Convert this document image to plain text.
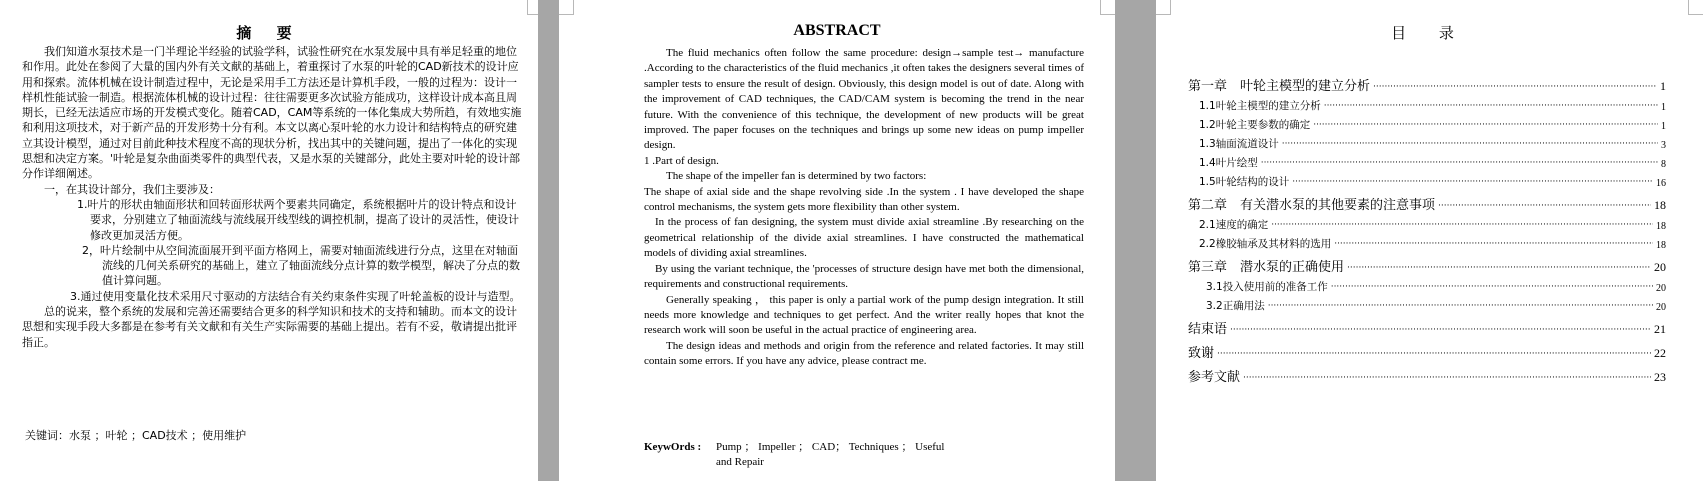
摘 要

我们知道水泵技术是一门半理论半经验的试验学科，试验性研究在水泵发展中具有举足轻重的地位和作用。此处在参阅了大量的国内外有关文献的基础上，着重探讨了水泵的叶轮的CAD新技术的设计应用和探索。流体机械在设计制造过程中，无论是采用手工方法还是计算机手段，一般的过程为：设计一样机性能试验一制造。根据流体机械的设计过程：往往需要更多次试验方能成功，这样设计成本高且周期长，已经无法适应市场的开发模式变化。随着CAD，CAM等系统的一体化集成大势所趋，有效地实施和利用这项技术，对于新产品的开发形势十分有利。本文以离心泵叶轮的水力设计和结构特点的研究建立其设计模型，通过对目前此种技术程度不高的现状分析，找出其中的关键问题，提出了一体化的实现思想和决定方案。'叶轮是复杂曲面类零件的典型代表，又是水泵的关键部分，此处主要对叶轮的设计部分作详细阐述。

一，在其设计部分，我们主要涉及：

1.叶片的形状由轴面形状和回转面形状两个要素共同确定，系统根据叶片的设计特点和设计要求，分别建立了轴面流线与流线展开线型线的调控机制，提高了设计的灵活性，使设计修改更加灵活方便。

2，叶片绘制中从空间流面展开到平面方格网上，需要对轴面流线进行分点，这里在对轴面流线的几何关系研究的基础上，建立了轴面流线分点计算的数学模型，解决了分点的数值计算问题。

3.通过使用变量化技术采用尺寸驱动的方法结合有关约束条件实现了叶轮盖板的设计与造型。

总的说来，整个系统的发展和完善还需要结合更多的科学知识和技术的支持和辅助。而本文的设计思想和实现手段大多都是在参考有关文献和有关生产实际需要的基础上提出。若有不妥，敬请提出批评指正。

关键词：水泵 ；叶轮 ；CAD技术 ；使用维护
ABSTRACT

The fluid mechanics often follow the same procedure: design→sample test→ manufacture .According to the characteristics of the fluid mechanics ,it often takes the designers several times of sampler tests to ensure the result of design. Obviously, this design model is out of date. Along with the improvement of CAD techniques, the CAD/CAM system is becoming the trend in the near future. With the convenience of this technique, the development of new products will be great improved. The paper focuses on the techniques and brings up some new ideas on pump impeller design.

1 .Part of design.

The shape of the impeller fan is determined by two factors:

The shape of axial side and the shape revolving side .In the system . I have developed the shape control mechanisms, the system gets more flexibility than other system.

In the process of fan designing, the system must divide axial streamline .By researching on the geometrical relationship of the divide axial streamlines. I have constructed the mathematical models of dividing axial streamlines.

By using the variant technique, the 'processes of structure design have met both the dimensional, requirements and constructional requirements.

Generally speaking ， this paper is only a partial work of the pump design integration. It still needs more knowledge and techniques to get perfect. And the writer really hopes that knot the research work will soon be useful in the actual practice of engineering area.

The design ideas and methods and origin from the reference and related factories. It may still contain some errors. If you have any advice, please contract me.

KeywOrds : Pump ； Impeller ； CAD； Techniques ； Useful and Repair
目 录
第一章　叶轮主模型的建立分析 ·····	1
1.1叶轮主模型的建立分析 ·····	1
1.2叶轮主要参数的确定 ·····	1
1.3轴面流道设计 ·····	3
1.4叶片绘型 ·····	8
1.5叶轮结构的设计 ·····	16
第二章　有关潜水泵的其他要素的注意事项 ·····	18
2.1速度的确定 ·····	18
2.2橡胶轴承及其材料的选用 ·····	18
第三章　潜水泵的正确使用 ·····	20
3.1投入使用前的准备工作 ·····	20
3.2正确用法 ·····	20
结束语 ·····	21
致谢 ·····	22
参考文献 ·····	23
